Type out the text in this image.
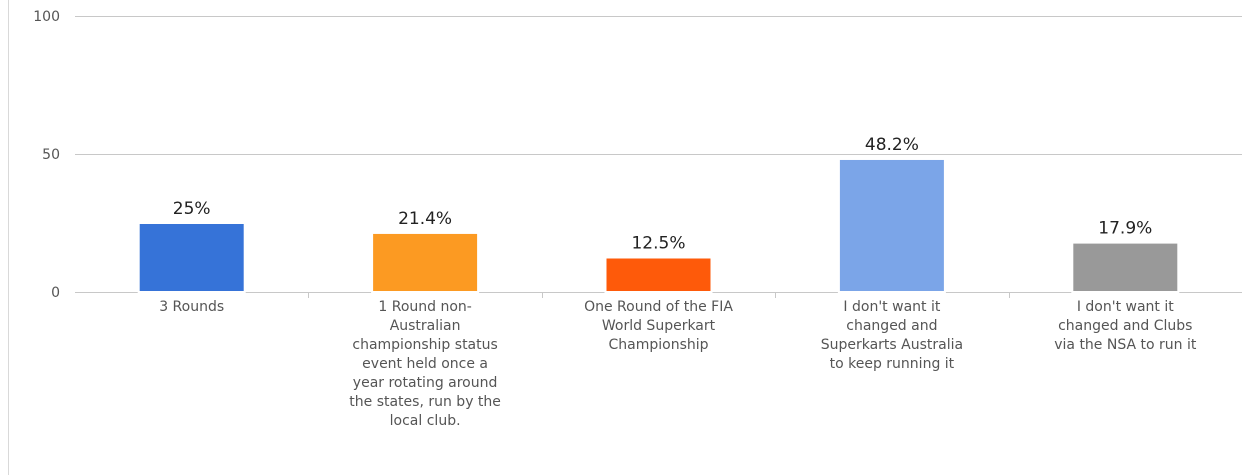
0
50
100
25%	21.4%
12.5%
48.2%
17.9%
3 Rounds	1 Round non-
Australian
championship status
event held once a
year rotating around
the states, run by the
local club.
One Round of the FIA
World Superkart
Championship
I don't want it
changed and
Superkarts Australia
to keep running it
I don't want it
changed and Clubs
via the NSA to run it
